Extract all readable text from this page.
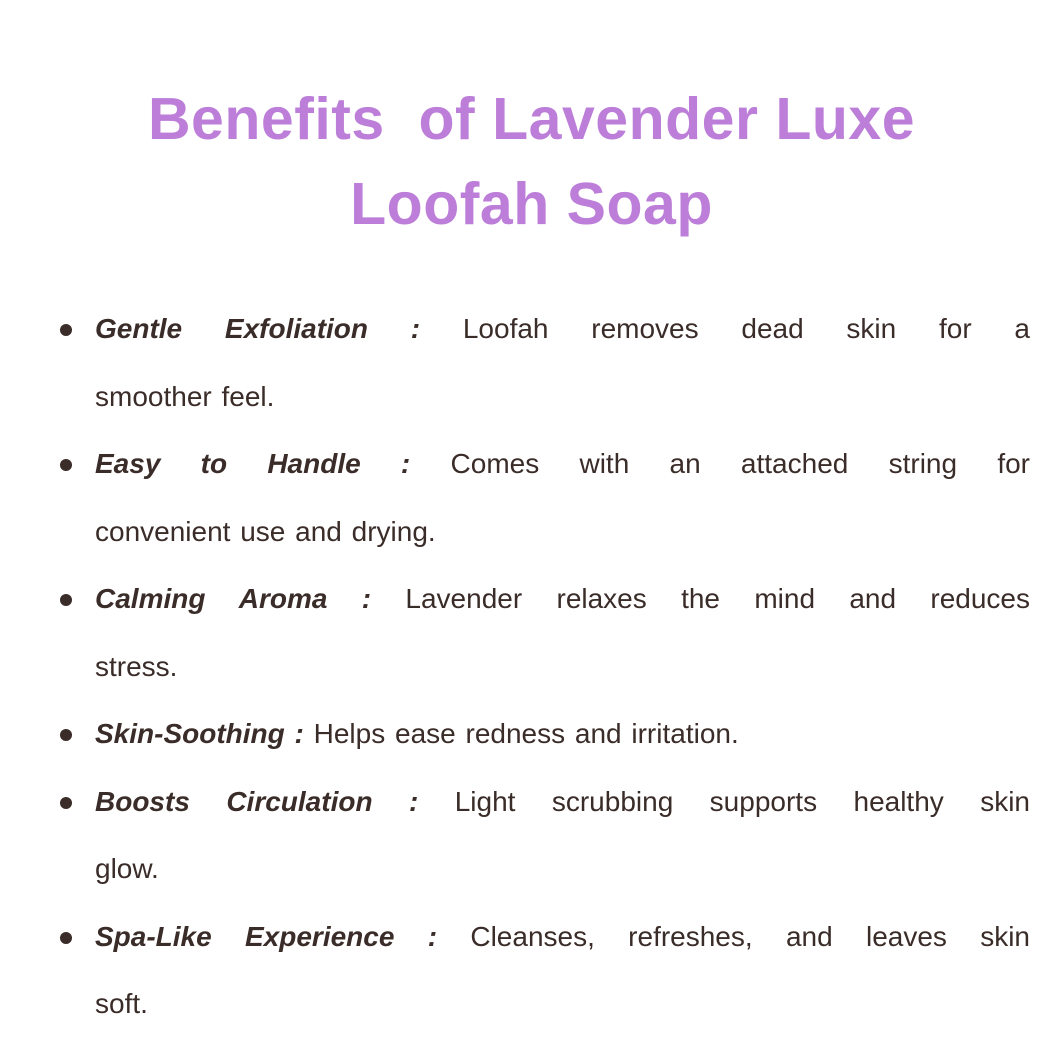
Benefits  of Lavender Luxe
Loofah Soap
Gentle Exfoliation : Loofah removes dead skin for a
smoother feel.
Easy to Handle : Comes with an attached string for
convenient use and drying.
Calming Aroma : Lavender relaxes the mind and reduces
stress.
Skin-Soothing : Helps ease redness and irritation.
Boosts Circulation : Light scrubbing supports healthy skin
glow.
Spa-Like Experience : Cleanses, refreshes, and leaves skin
soft.
